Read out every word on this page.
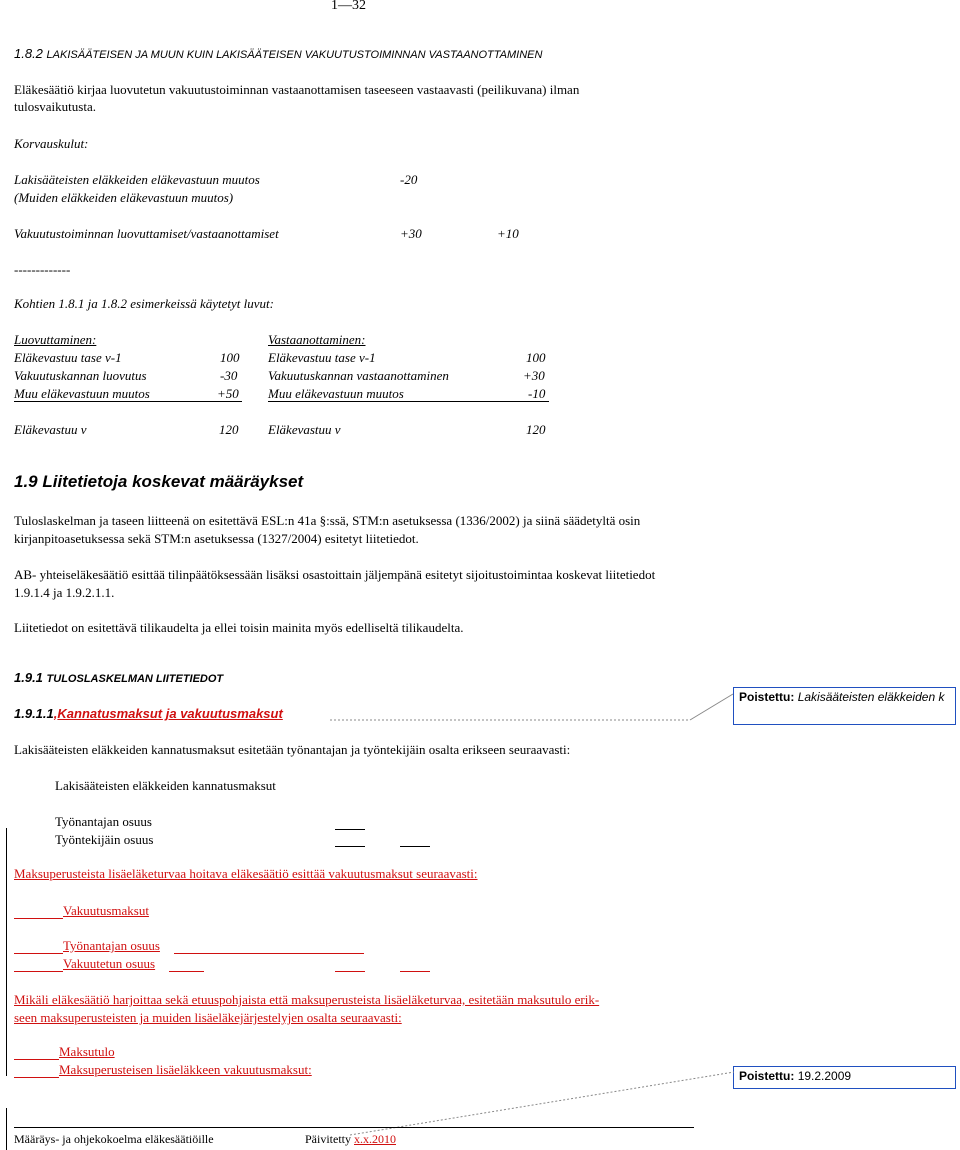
1—32
1.8.2 LAKISÄÄTEISEN JA MUUN KUIN LAKISÄÄTEISEN VAKUUTUSTOIMINNAN VASTAANOTTAMINEN
Eläkesäätiö kirjaa luovutetun vakuutustoiminnan vastaanottamisen taseeseen vastaavasti (peilikuvana) ilman
tulosvaikutusta.
Korvauskulut:
Lakisääteisten eläkkeiden eläkevastuun muutos	-20
(Muiden eläkkeiden eläkevastuun muutos)
Vakuutustoiminnan luovuttamiset/vastaanottamiset	+30	+10
-------------
Kohtien 1.8.1 ja 1.8.2 esimerkeissä käytetyt luvut:
Luovuttaminen:
Eläkevastuu tase v-1	100
Vakuutuskannan luovutus	-30
Muu eläkevastuun muutos	+50
Eläkevastuu v	120
Vastaanottaminen:
Eläkevastuu tase v-1	100
Vakuutuskannan vastaanottaminen	+30
Muu eläkevastuun muutos	-10
Eläkevastuu v	120
1.9 Liitetietoja koskevat määräykset
Tuloslaskelman ja taseen liitteenä on esitettävä ESL:n 41a §:ssä, STM:n asetuksessa (1336/2002) ja siinä säädetyltä osin kirjanpitoasetuksessa sekä STM:n asetuksessa (1327/2004) esitetyt liitetiedot.
AB- yhteiseläkesäätiö esittää tilinpäätöksessään lisäksi osastoittain jäljempänä esitetyt sijoitustoimintaa koskevat liitetiedot 1.9.1.4 ja 1.9.2.1.1.
Liitetiedot on esitettävä tilikaudelta ja ellei toisin mainita myös edelliseltä tilikaudelta.
1.9.1 TULOSLASKELMAN LIITETIEDOT
1.9.1.1,Kannatusmaksut ja vakuutusmaksut
Lakisääteisten eläkkeiden kannatusmaksut esitetään työnantajan ja työntekijäin osalta erikseen seuraavasti:
Lakisääteisten eläkkeiden kannatusmaksut
Työnantajan osuus
Työntekijäin osuus
Maksuperusteista lisäeläketurvaa hoitava eläkesäätiö esittää vakuutusmaksut seuraavasti:
Vakuutusmaksut
Työnantajan osuus
Vakuutetun osuus
Mikäli eläkesäätiö harjoittaa sekä etuuspohjaista että maksuperusteista lisäeläketurvaa, esitetään maksutulo erik-
seen maksuperusteisten ja muiden lisäeläkejärjestelyjen osalta seuraavasti:
Maksutulo
Maksuperusteisen lisäeläkkeen vakuutusmaksut:
Poistettu: Lakisääteisten eläkkeiden k
Poistettu: 19.2.2009
Määräys- ja ohjekokoelma eläkesäätiöille	Päivitetty x.x.2010
